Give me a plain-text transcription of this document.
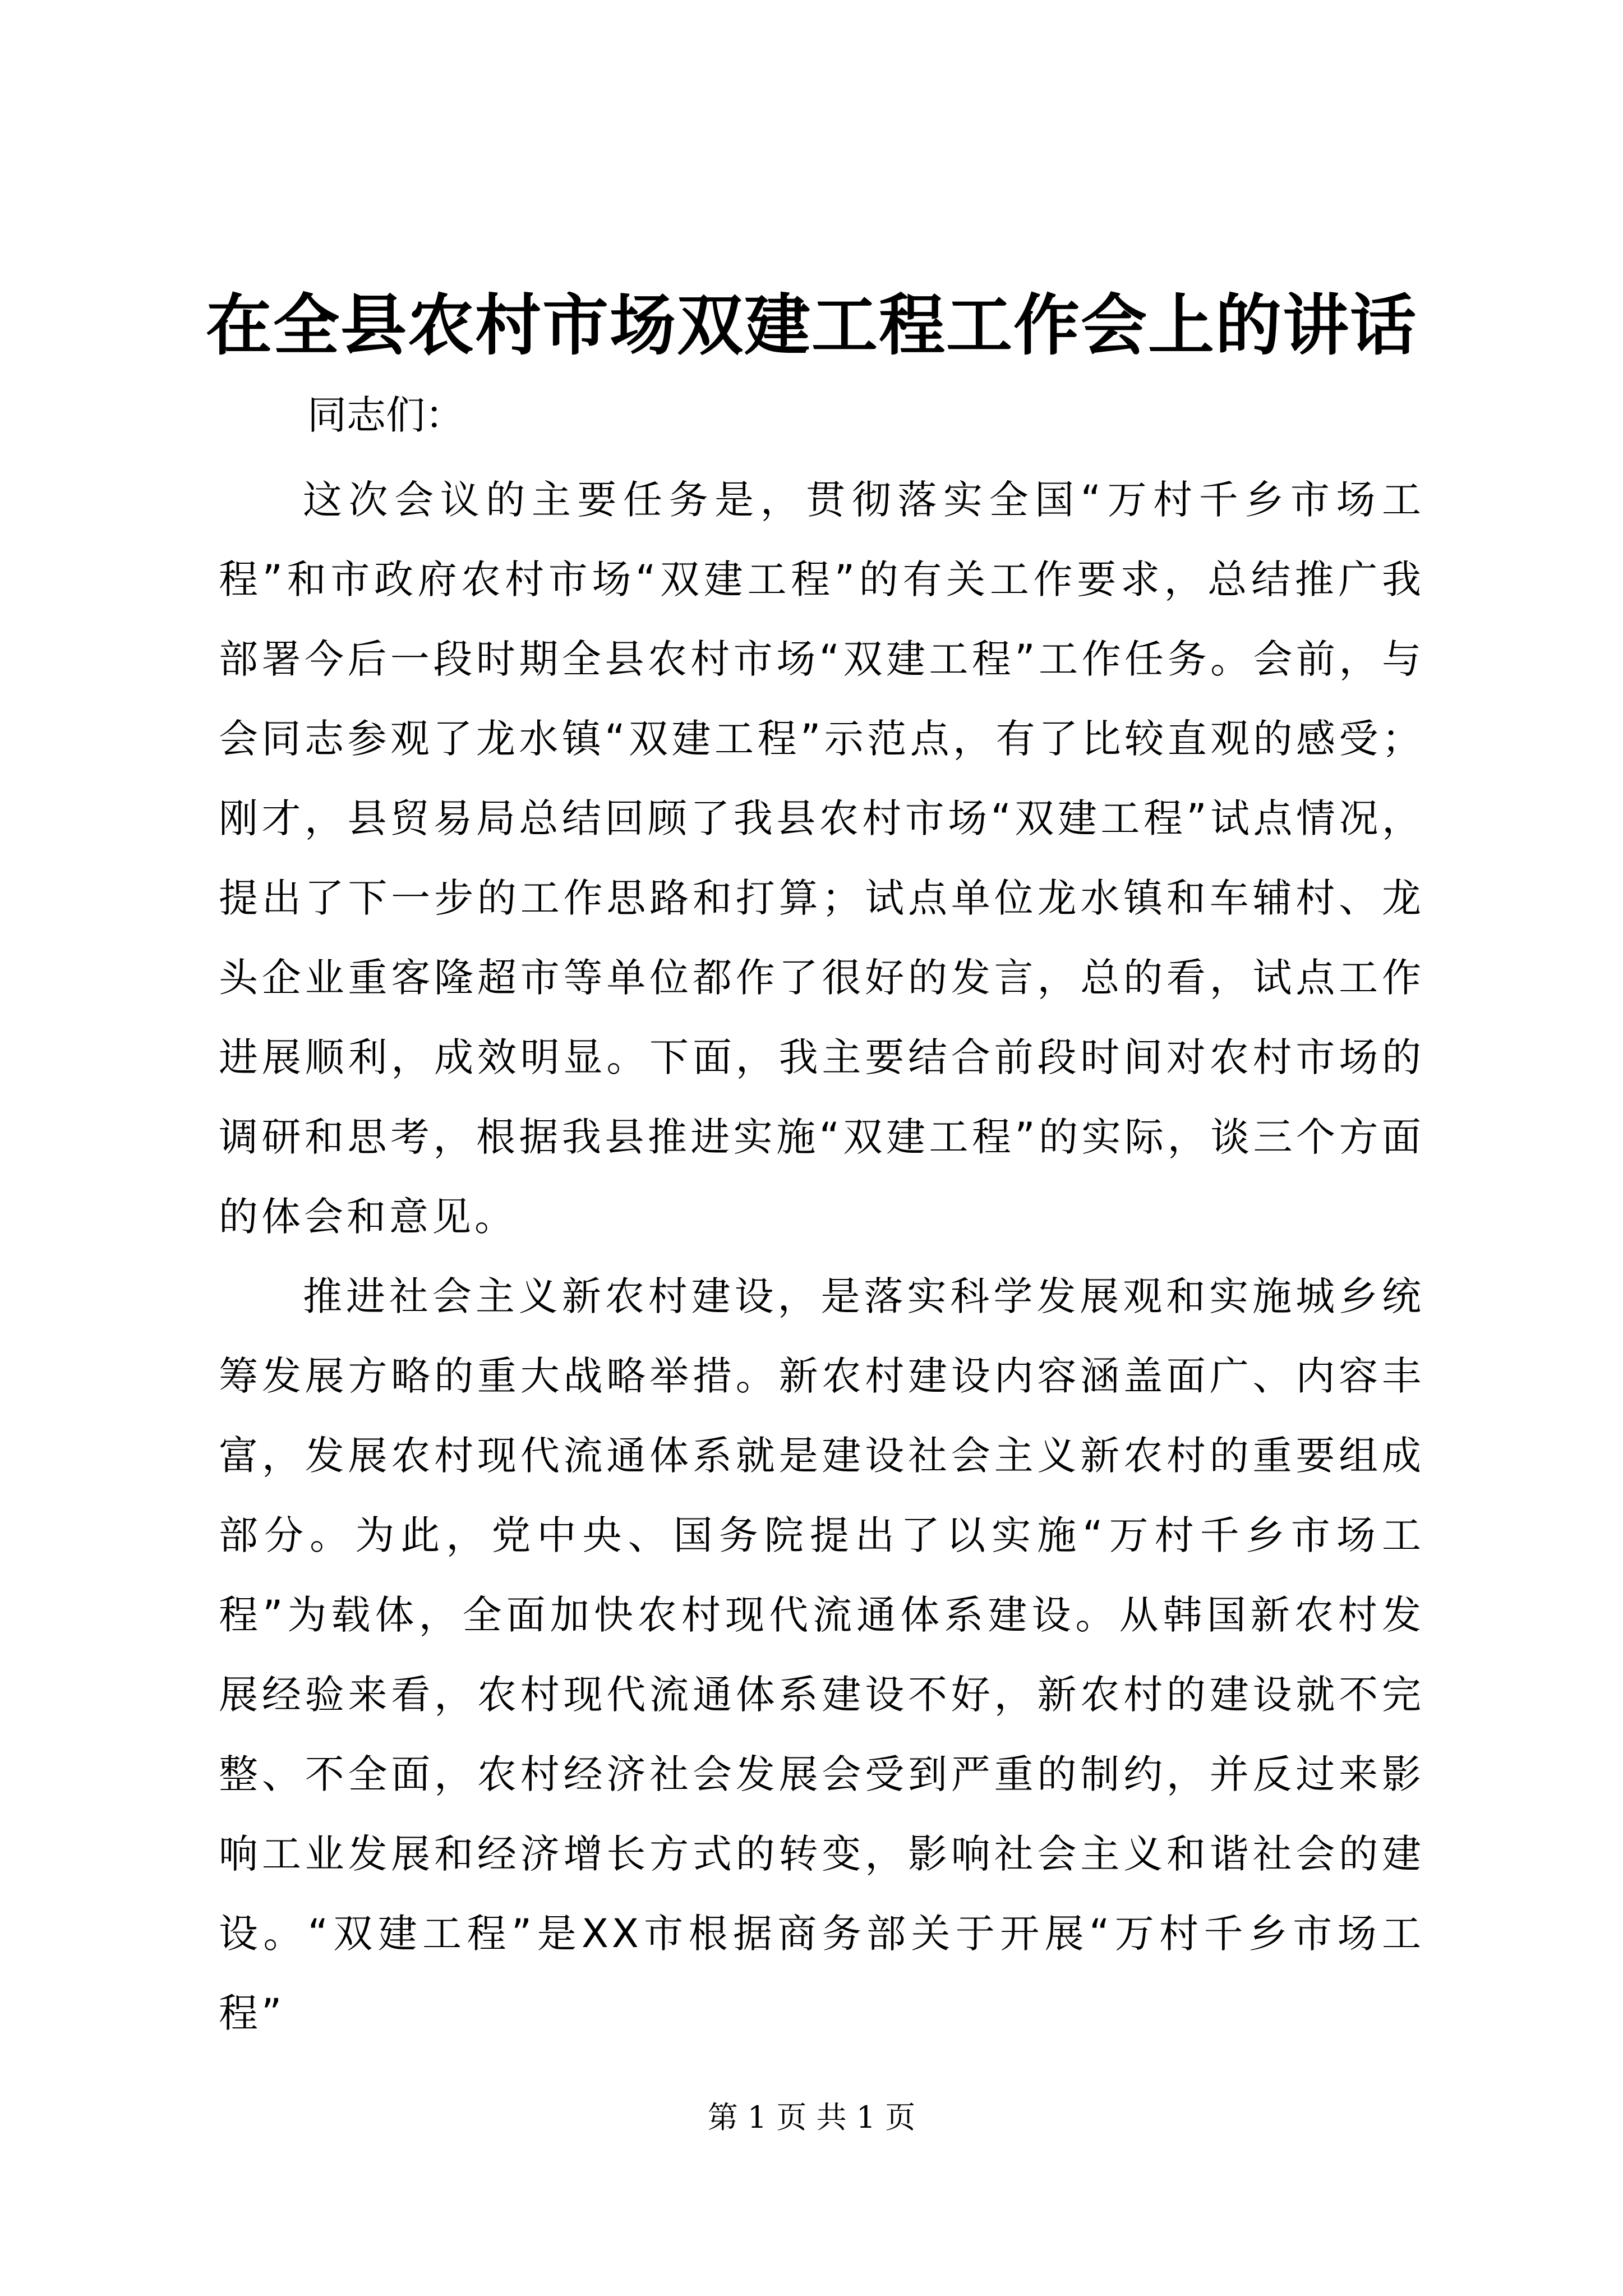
在全县农村市场双建工程工作会上的讲话

同志们：

这次会议的主要任务是，贯彻落实全国“万村千乡市场工程”和市政府农村市场“双建工程”的有关工作要求，总结推广我部署今后一段时期全县农村市场“双建工程”工作任务。会前，与会同志参观了龙水镇“双建工程”示范点，有了比较直观的感受；刚才，县贸易局总结回顾了我县农村市场“双建工程”试点情况，提出了下一步的工作思路和打算；试点单位龙水镇和车辅村、龙头企业重客隆超市等单位都作了很好的发言，总的看，试点工作进展顺利，成效明显。下面，我主要结合前段时间对农村市场的调研和思考，根据我县推进实施“双建工程”的实际，谈三个方面的体会和意见。

推进社会主义新农村建设，是落实科学发展观和实施城乡统筹发展方略的重大战略举措。新农村建设内容涵盖面广、内容丰富，发展农村现代流通体系就是建设社会主义新农村的重要组成部分。为此，党中央、国务院提出了以实施“万村千乡市场工程”为载体，全面加快农村现代流通体系建设。从韩国新农村发展经验来看，农村现代流通体系建设不好，新农村的建设就不完整、不全面，农村经济社会发展会受到严重的制约，并反过来影响工业发展和经济增长方式的转变，影响社会主义和谐社会的建设。“双建工程”是XX市根据商务部关于开展“万村千乡市场工程”

第 1 页 共 1 页
